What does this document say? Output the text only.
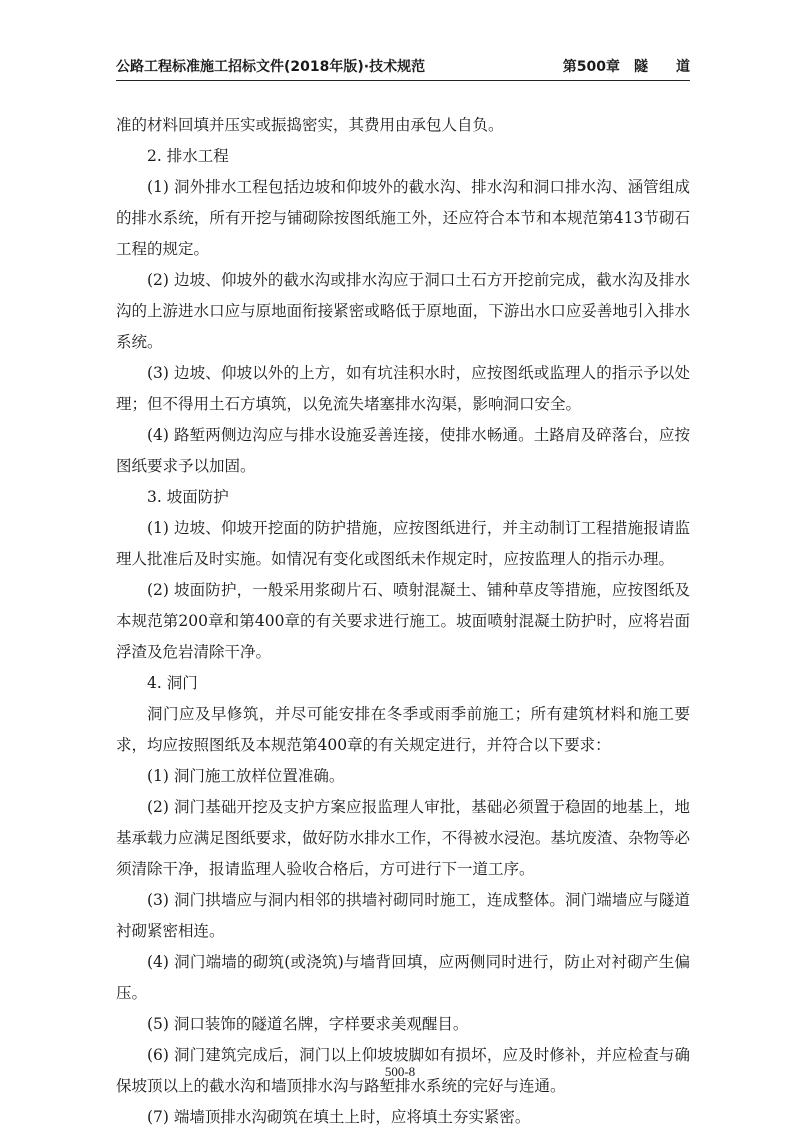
公路工程标准施工招标文件(2018年版)·技术规范	第500章 隧 道

准的材料回填并压实或振捣密实，其费用由承包人自负。

2. 排水工程

(1) 洞外排水工程包括边坡和仰坡外的截水沟、排水沟和洞口排水沟、涵管组成的排水系统，所有开挖与铺砌除按图纸施工外，还应符合本节和本规范第413节砌石工程的规定。

(2) 边坡、仰坡外的截水沟或排水沟应于洞口土石方开挖前完成，截水沟及排水沟的上游进水口应与原地面衔接紧密或略低于原地面，下游出水口应妥善地引入排水系统。

(3) 边坡、仰坡以外的上方，如有坑洼积水时，应按图纸或监理人的指示予以处理；但不得用土石方填筑，以免流失堵塞排水沟渠，影响洞口安全。

(4) 路堑两侧边沟应与排水设施妥善连接，使排水畅通。土路肩及碎落台，应按图纸要求予以加固。

3. 坡面防护

(1) 边坡、仰坡开挖面的防护措施，应按图纸进行，并主动制订工程措施报请监理人批准后及时实施。如情况有变化或图纸未作规定时，应按监理人的指示办理。

(2) 坡面防护，一般采用浆砌片石、喷射混凝土、铺种草皮等措施，应按图纸及本规范第200章和第400章的有关要求进行施工。坡面喷射混凝土防护时，应将岩面浮渣及危岩清除干净。

4. 洞门

洞门应及早修筑，并尽可能安排在冬季或雨季前施工；所有建筑材料和施工要求，均应按照图纸及本规范第400章的有关规定进行，并符合以下要求：

(1) 洞门施工放样位置准确。

(2) 洞门基础开挖及支护方案应报监理人审批，基础必须置于稳固的地基上，地基承载力应满足图纸要求，做好防水排水工作，不得被水浸泡。基坑废渣、杂物等必须清除干净，报请监理人验收合格后，方可进行下一道工序。

(3) 洞门拱墙应与洞内相邻的拱墙衬砌同时施工，连成整体。洞门端墙应与隧道衬砌紧密相连。

(4) 洞门端墙的砌筑(或浇筑)与墙背回填，应两侧同时进行，防止对衬砌产生偏压。

(5) 洞口装饰的隧道名牌，字样要求美观醒目。

(6) 洞门建筑完成后，洞门以上仰坡坡脚如有损坏，应及时修补，并应检查与确保坡顶以上的截水沟和墙顶排水沟与路堑排水系统的完好与连通。

(7) 端墙顶排水沟砌筑在填土上时，应将填土夯实紧密。

500-8
